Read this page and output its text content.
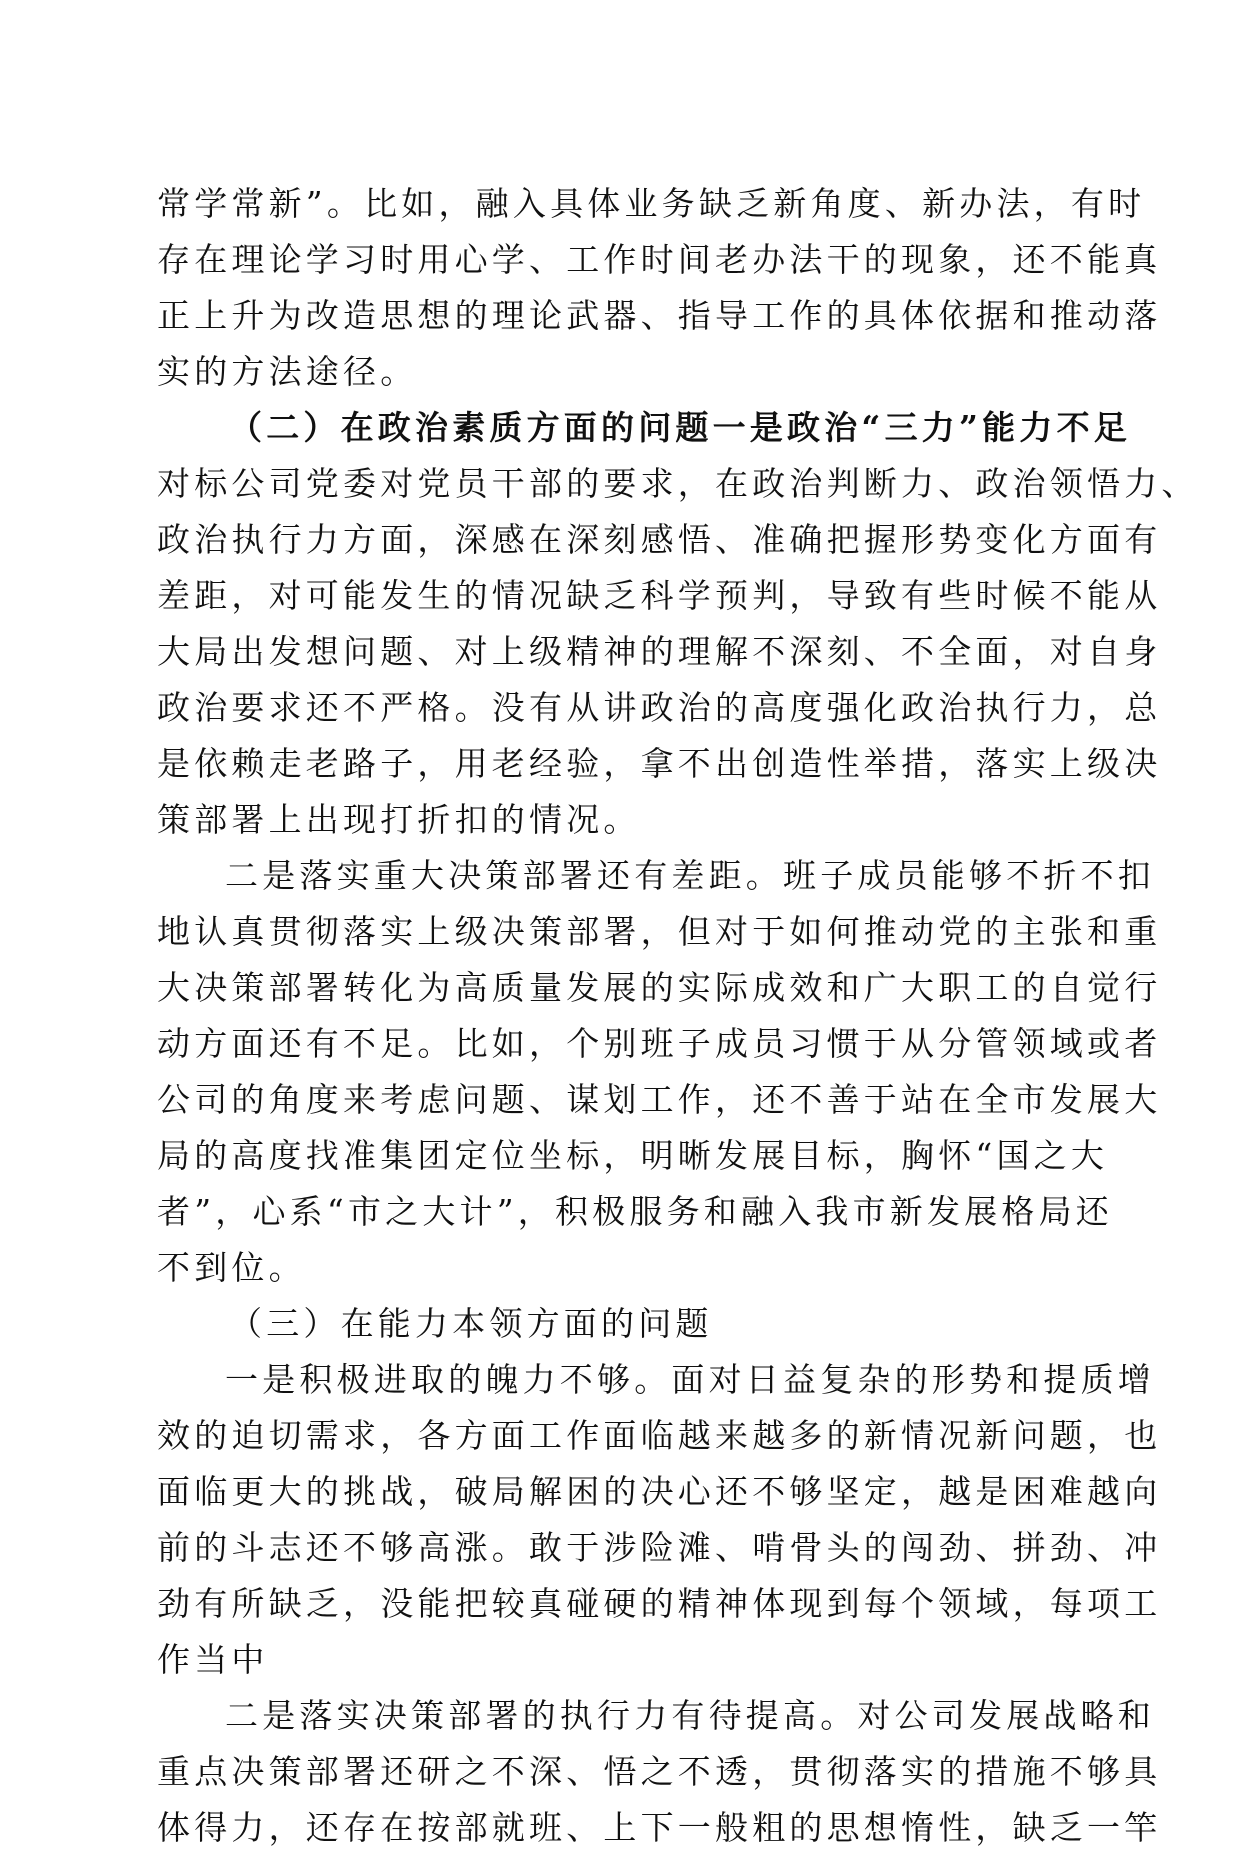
常学常新”。比如，融入具体业务缺乏新角度、新办法，有时
存在理论学习时用心学、工作时间老办法干的现象，还不能真
正上升为改造思想的理论武器、指导工作的具体依据和推动落
实的方法途径。
（二）在政治素质方面的问题一是政治“三力”能力不足
对标公司党委对党员干部的要求，在政治判断力、政治领悟力、
政治执行力方面，深感在深刻感悟、准确把握形势变化方面有
差距，对可能发生的情况缺乏科学预判，导致有些时候不能从
大局出发想问题、对上级精神的理解不深刻、不全面，对自身
政治要求还不严格。没有从讲政治的高度强化政治执行力，总
是依赖走老路子，用老经验，拿不出创造性举措，落实上级决
策部署上出现打折扣的情况。
二是落实重大决策部署还有差距。班子成员能够不折不扣
地认真贯彻落实上级决策部署，但对于如何推动党的主张和重
大决策部署转化为高质量发展的实际成效和广大职工的自觉行
动方面还有不足。比如，个别班子成员习惯于从分管领域或者
公司的角度来考虑问题、谋划工作，还不善于站在全市发展大
局的高度找准集团定位坐标，明晰发展目标，胸怀“国之大
者”，心系“市之大计”，积极服务和融入我市新发展格局还
不到位。
（三）在能力本领方面的问题
一是积极进取的魄力不够。面对日益复杂的形势和提质增
效的迫切需求，各方面工作面临越来越多的新情况新问题，也
面临更大的挑战，破局解困的决心还不够坚定，越是困难越向
前的斗志还不够高涨。敢于涉险滩、啃骨头的闯劲、拼劲、冲
劲有所缺乏，没能把较真碰硬的精神体现到每个领域，每项工
作当中
二是落实决策部署的执行力有待提高。对公司发展战略和
重点决策部署还研之不深、悟之不透，贯彻落实的措施不够具
体得力，还存在按部就班、上下一般粗的思想惰性，缺乏一竿
